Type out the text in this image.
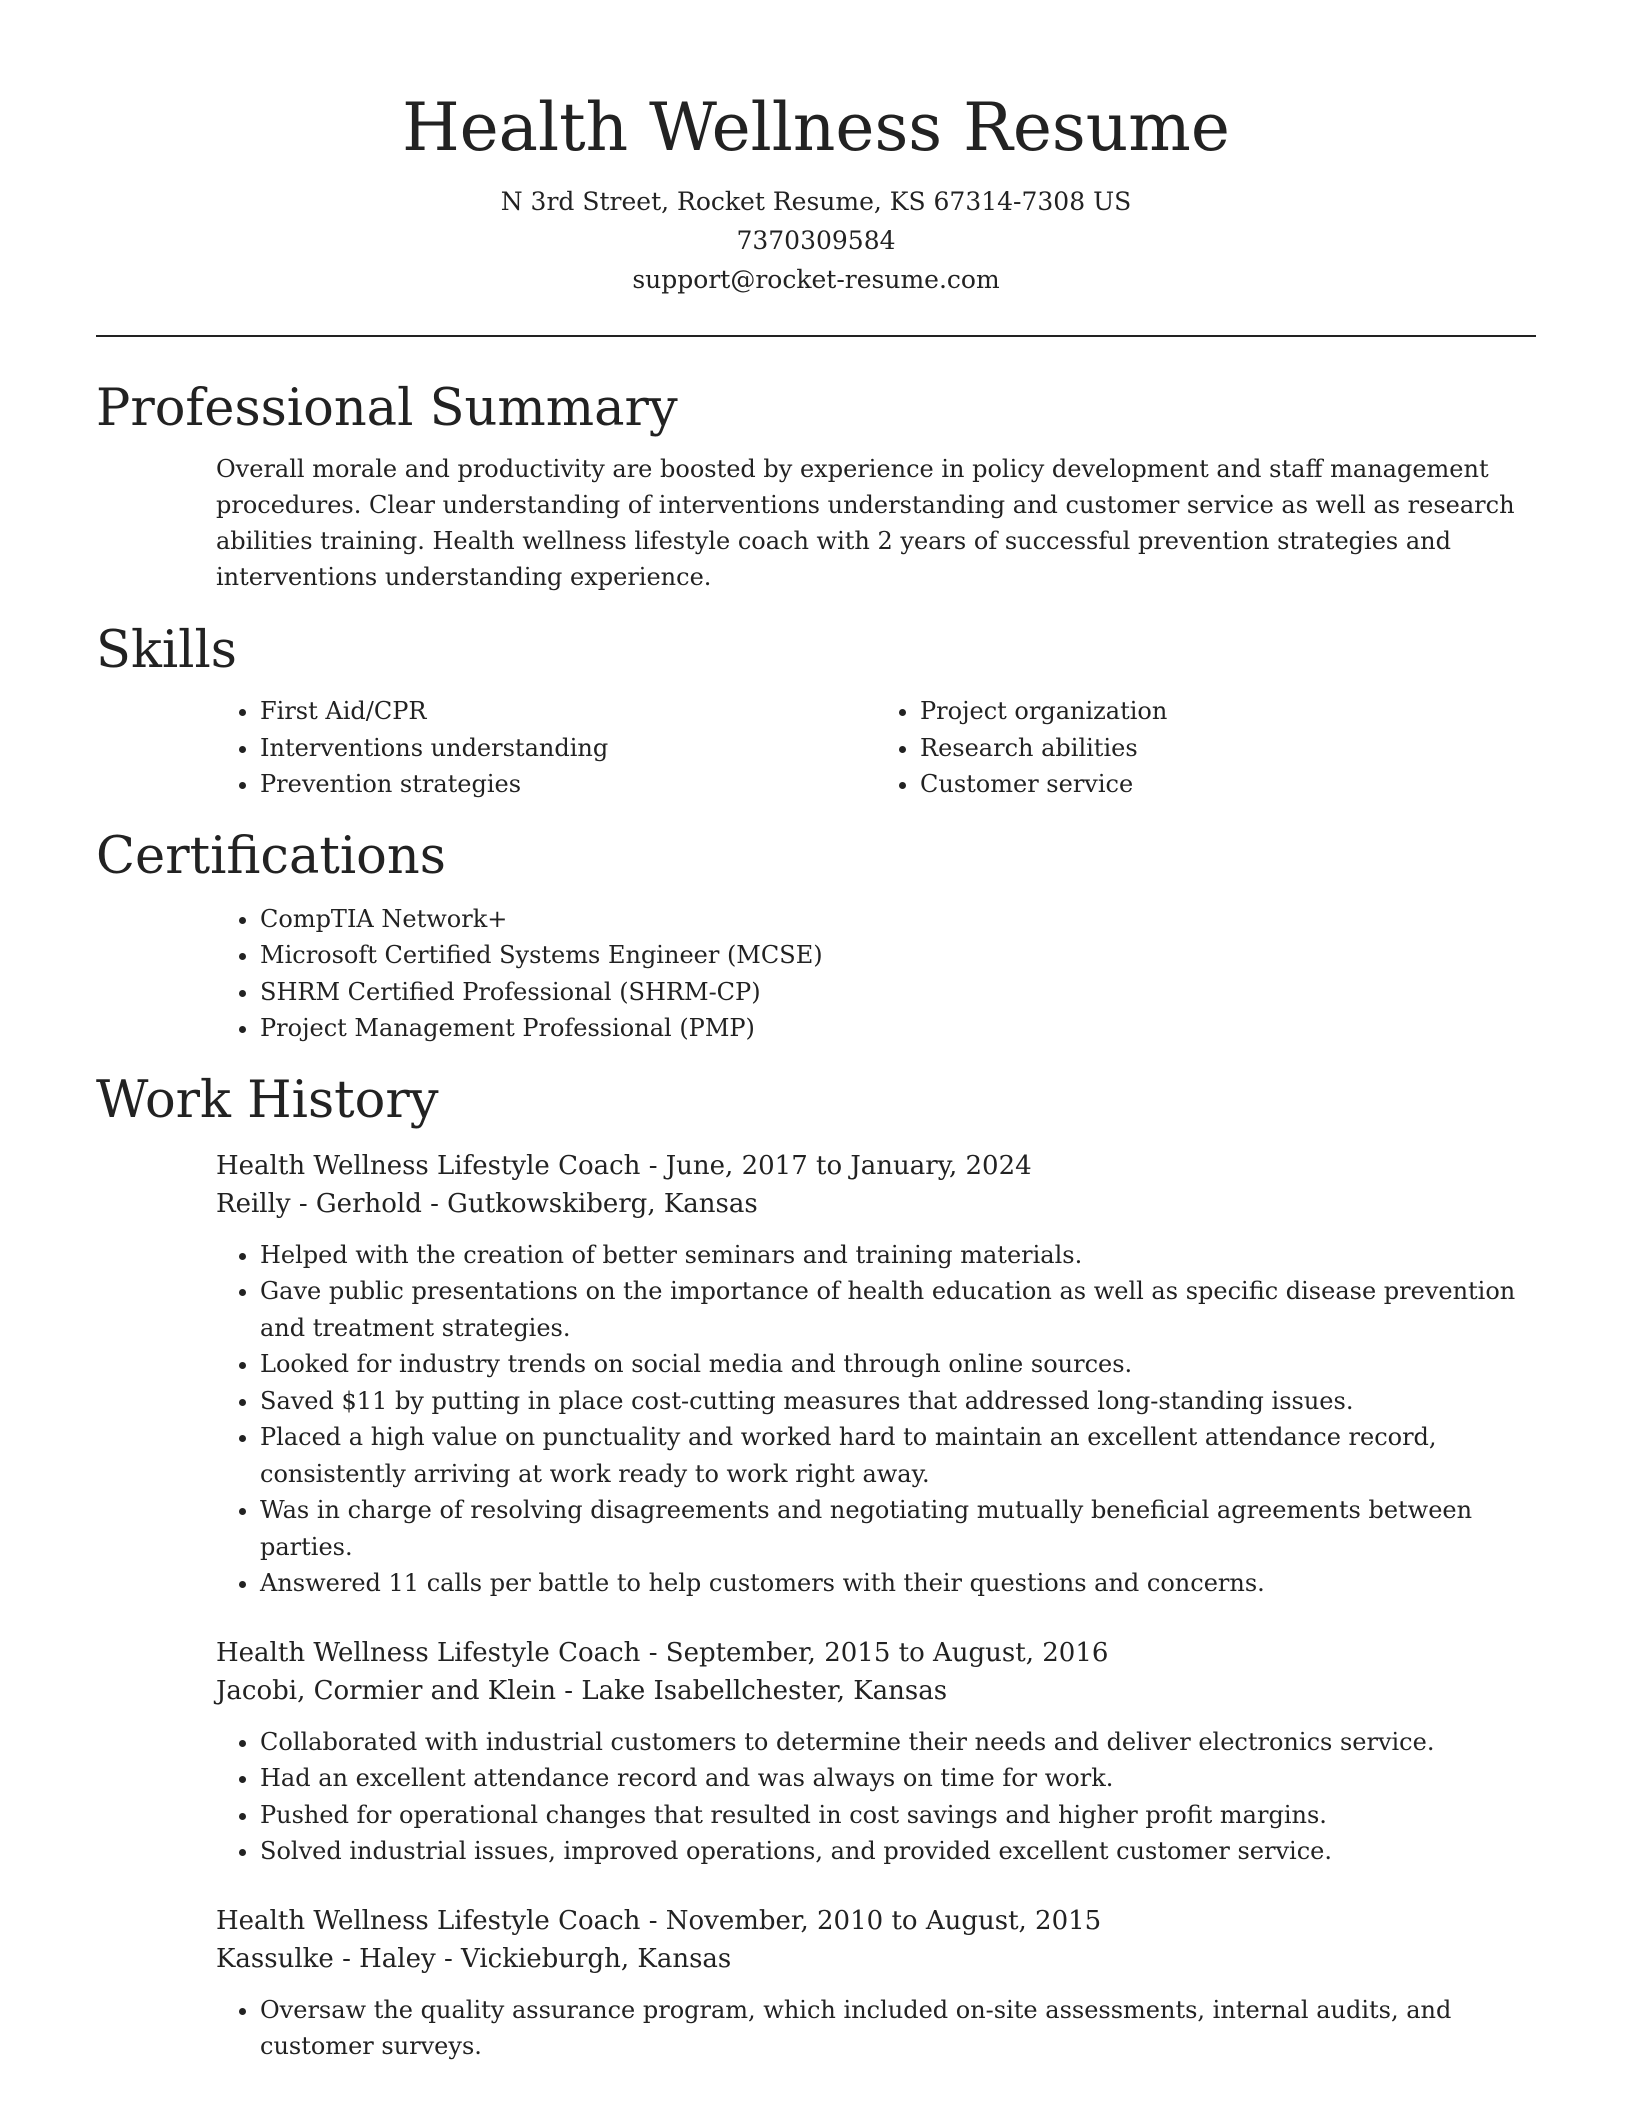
Health Wellness Resume

N 3rd Street, Rocket Resume, KS 67314-7308 US

7370309584

support@rocket-resume.com

Professional Summary

Overall morale and productivity are boosted by experience in policy development and staff management procedures. Clear understanding of interventions understanding and customer service as well as research abilities training. Health wellness lifestyle coach with 2 years of successful prevention strategies and interventions understanding experience.

Skills
• First Aid/CPR
• Interventions understanding
• Prevention strategies
• Project organization
• Research abilities
• Customer service
Certifications
• CompTIA Network+
• Microsoft Certified Systems Engineer (MCSE)
• SHRM Certified Professional (SHRM-CP)
• Project Management Professional (PMP)
Work History

Health Wellness Lifestyle Coach - June, 2017 to January, 2024

Reilly - Gerhold - Gutkowskiberg, Kansas

• Helped with the creation of better seminars and training materials.
• Gave public presentations on the importance of health education as well as specific disease prevention and treatment strategies.
• Looked for industry trends on social media and through online sources.
• Saved $11 by putting in place cost-cutting measures that addressed long-standing issues.
• Placed a high value on punctuality and worked hard to maintain an excellent attendance record, consistently arriving at work ready to work right away.
• Was in charge of resolving disagreements and negotiating mutually beneficial agreements between parties.
• Answered 11 calls per battle to help customers with their questions and concerns.

Health Wellness Lifestyle Coach - September, 2015 to August, 2016

Jacobi, Cormier and Klein - Lake Isabellchester, Kansas

• Collaborated with industrial customers to determine their needs and deliver electronics service.
• Had an excellent attendance record and was always on time for work.
• Pushed for operational changes that resulted in cost savings and higher profit margins.
• Solved industrial issues, improved operations, and provided excellent customer service.

Health Wellness Lifestyle Coach - November, 2010 to August, 2015

Kassulke - Haley - Vickieburgh, Kansas

• Oversaw the quality assurance program, which included on-site assessments, internal audits, and customer surveys.
